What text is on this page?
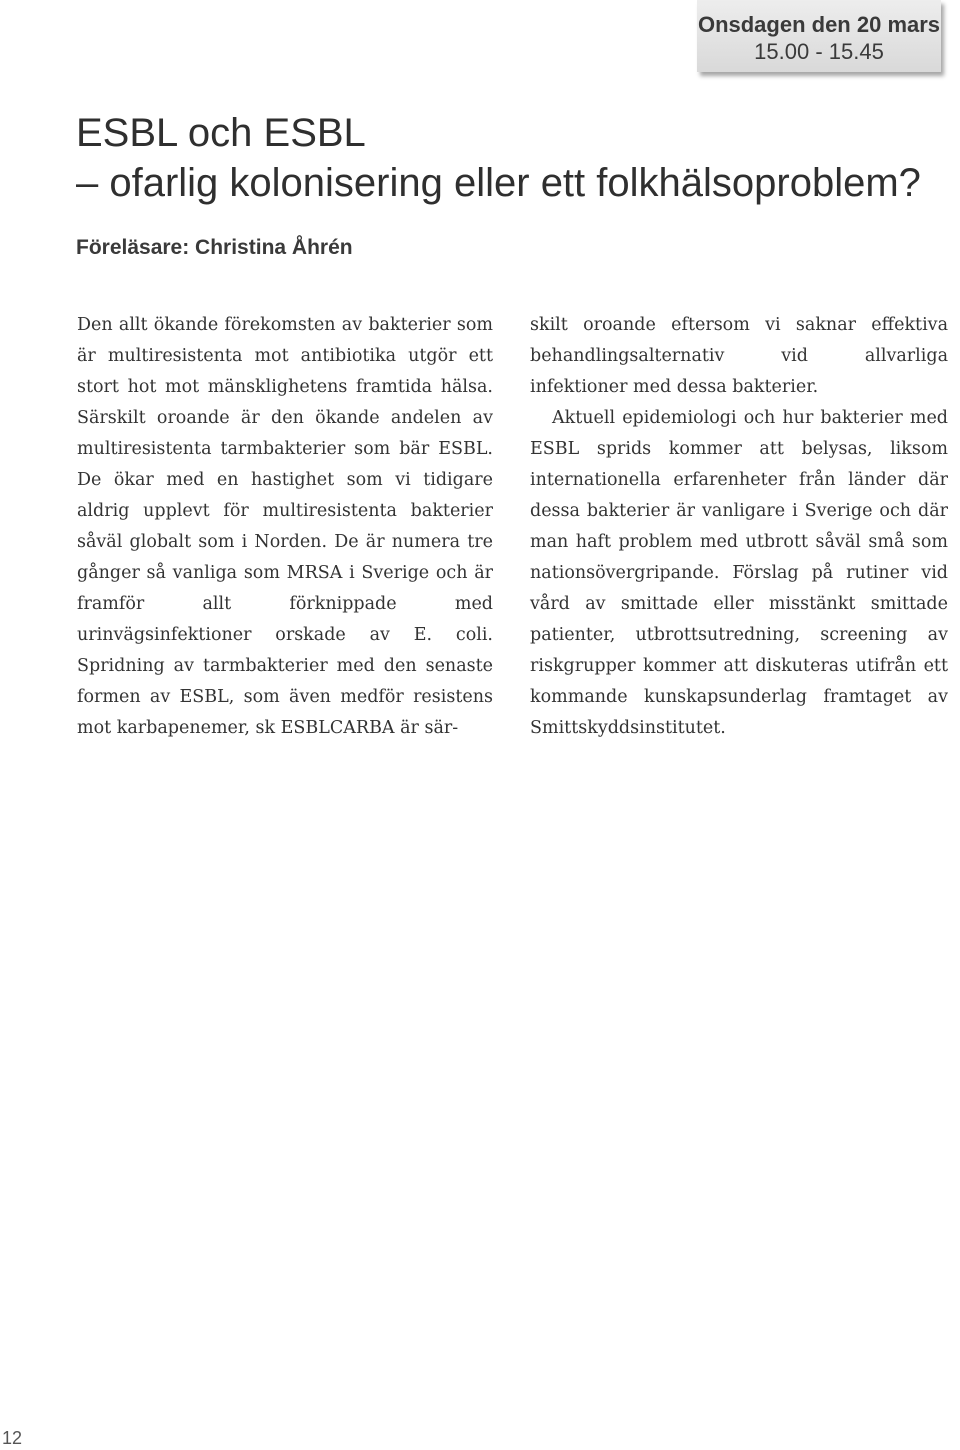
Onsdagen den 20 mars
15.00 - 15.45
ESBL och ESBL
– ofarlig kolonisering eller ett folkhälsoproblem?

Föreläsare: Christina Åhrén

Den allt ökande förekomsten av bakterier som är multiresistenta mot antibiotika utgör ett stort hot mot mänsklighetens framtida hälsa. Särskilt oroande är den ökande andelen av multiresistenta tarmbakterier som bär ESBL. De ökar med en hastighet som vi tidigare aldrig upplevt för multiresistenta bakterier såväl globalt som i Norden. De är numera tre gånger så vanliga som MRSA i Sverige och är framför allt förknippade med urinvägsinfektioner orskade av E. coli. Spridning av tarmbakterier med den senaste formen av ESBL, som även medför resistens mot karbapenemer, sk ESBLCARBA är sär-

skilt oroande eftersom vi saknar effektiva behandlingsalternativ vid allvarliga infektioner med dessa bakterier.

Aktuell epidemiologi och hur bakterier med ESBL sprids kommer att belysas, liksom internationella erfarenheter från länder där dessa bakterier är vanligare i Sverige och där man haft problem med utbrott såväl små som nationsövergripande. Förslag på rutiner vid vård av smittade eller misstänkt smittade patienter, utbrottsutredning, screening av riskgrupper kommer att diskuteras utifrån ett kommande kunskapsunderlag framtaget av Smittskyddsinstitutet.

12
